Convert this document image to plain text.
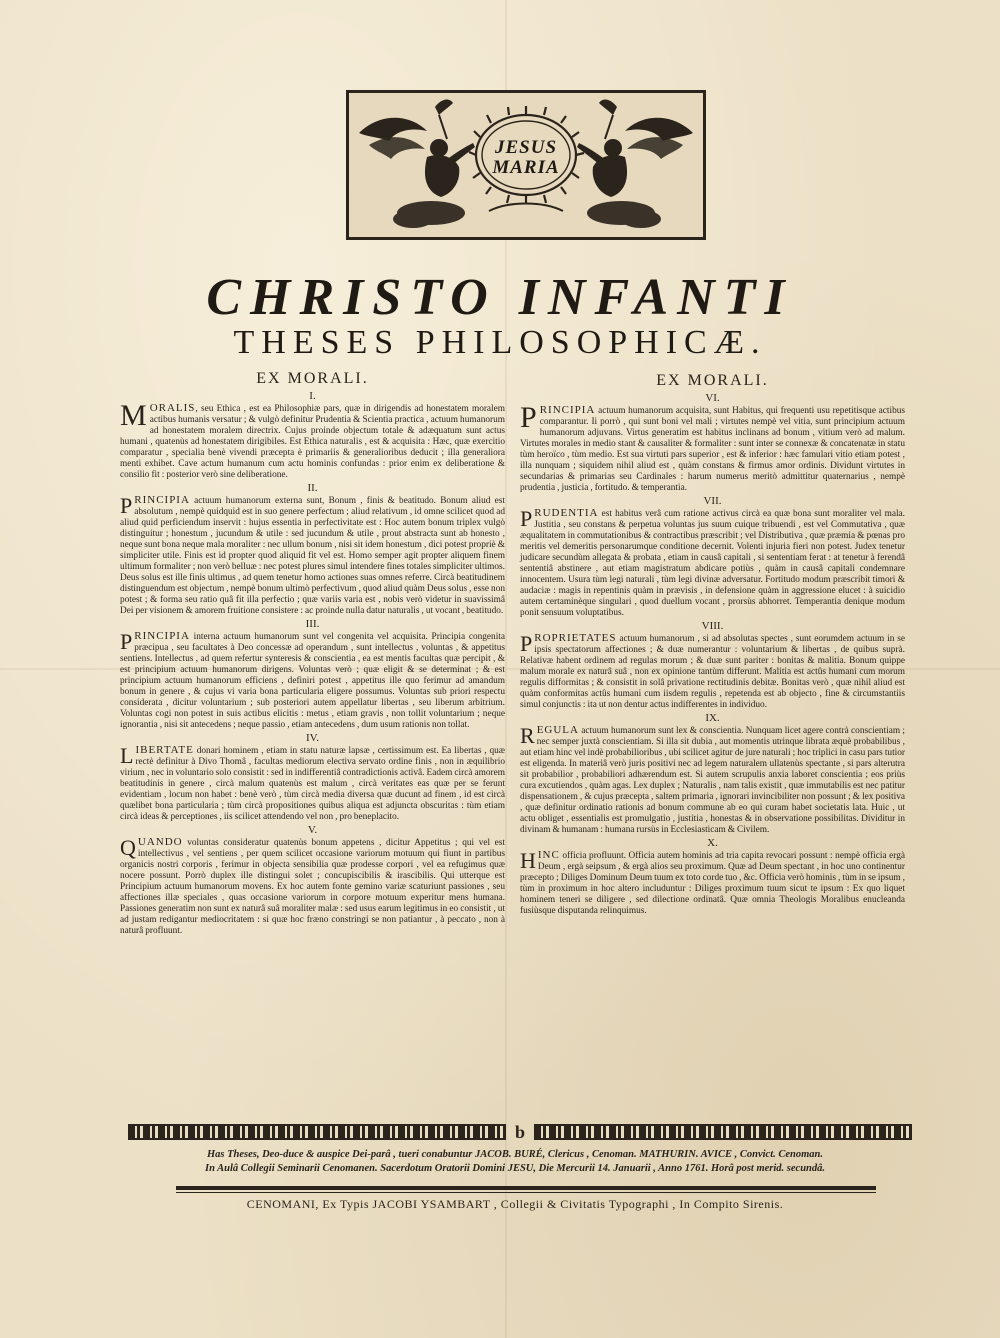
JESUS
MARIA
CHRISTO INFANTI
THESES PHILOSOPHICÆ.
EX MORALI.
I.

MORALIS, seu Ethica , est ea Philosophiæ pars, quæ in dirigendis ad honestatem moralem actibus humanis versatur ; & vulgò definitur Prudentia & Scientia practica , actuum humanorum ad honestatem moralem directrix. Cujus proinde objectum totale & adæquatum sunt actus humani , quatenùs ad honestatem dirigibiles. Est Ethica naturalis , est & acquisita : Hæc, quæ exercitio comparatur , specialia benè vivendi præcepta è primariis & generalioribus deducit ; illa generaliora menti exhibet. Cave actum humanum cum actu hominis confundas : prior enim ex deliberatione & consilio fit : posterior verò sine deliberatione.

II.

PRINCIPIA actuum humanorum externa sunt, Bonum , finis & beatitudo. Bonum aliud est absolutum , nempè quidquid est in suo genere perfectum ; aliud relativum , id omne scilicet quod ad aliud quid perficiendum inservit : hujus essentia in perfectivitate est : Hoc autem bonum triplex vulgò distinguitur ; honestum , jucundum & utile : sed jucundum & utile , prout abstracta sunt ab honesto , neque sunt bona neque mala moraliter : nec ullum bonum , nisi sit idem honestum , dici potest propriè & simpliciter utile. Finis est id propter quod aliquid fit vel est. Homo semper agit propter aliquem finem ultimum formaliter ; non verò belluæ : nec potest plures simul intendere fines totales simpliciter ultimos. Deus solus est ille finis ultimus , ad quem tenetur homo actiones suas omnes referre. Circà beatitudinem distinguendum est objectum , nempè bonum ultimò perfectivum , quod aliud quàm Deus solus , esse non potest ; & forma seu ratio quâ fit illa perfectio ; quæ variis varia est , nobis verò videtur in suavissimâ Dei per visionem & amorem fruitione consistere : ac proinde nulla datur naturalis , ut vocant , beatitudo.

III.

PRINCIPIA interna actuum humanorum sunt vel congenita vel acquisita. Principia congenita præcipua , seu facultates à Deo concessæ ad operandum , sunt intellectus , voluntas , & appetitus sentiens. Intellectus , ad quem refertur synteresis & conscientia , ea est mentis facultas quæ percipit , & est principium actuum humanorum dirigens. Voluntas verò ; quæ eligit & se determinat ; & est principium actuum humanorum efficiens , definiri potest , appetitus ille quo ferimur ad amandum bonum in genere , & cujus vi varia bona particularia eligere possumus. Voluntas sub priori respectu considerata , dicitur voluntarium ; sub posteriori autem appellatur libertas , seu liberum arbitrium. Voluntas cogi non potest in suis actibus elicitis : metus , etiam gravis , non tollit voluntarium ; neque ignorantia , nisi sit antecedens ; neque passio , etiam antecedens , dum usum rationis non tollat.

IV.

LIBERTATE donari hominem , etiam in statu naturæ lapsæ , certissimum est. Ea libertas , quæ rectè definitur à Divo Thomâ , facultas mediorum electiva servato ordine finis , non in æquilibrio virium , nec in voluntario solo consistit : sed in indifferentiâ contradictionis activâ. Eadem circà amorem beatitudinis in genere , circà malum quatenùs est malum , circà veritates eas quæ per se ferunt evidentiam , locum non habet : benè verò , tùm circà media diversa quæ ducunt ad finem , id est circà quælibet bona particularia ; tùm circà propositiones quibus aliqua est adjuncta obscuritas : tùm etiam circà ideas & perceptiones , iis scilicet attendendo vel non , pro beneplacito.

V.

QUANDO voluntas consideratur quatenùs bonum appetens , dicitur Appetitus ; qui vel est intellectivus , vel sentiens , per quem scilicet occasione variorum motuum qui fiunt in partibus organicis nostri corporis , ferimur in objecta sensibilia quæ prodesse corpori , vel ea refugimus quæ nocere possunt. Porrò duplex ille distingui solet ; concupiscibilis & irascibilis. Qui utterque est Principium actuum humanorum movens. Ex hoc autem fonte gemino variæ scaturiunt passiones , seu affectiones illæ speciales , quas occasione variorum in corpore motuum experitur mens humana. Passiones generatim non sunt ex naturâ suâ moraliter malæ : sed usus earum legitimus in eo consistit , ut ad justam redigantur mediocritatem : si quæ hoc fræno constringi se non patiantur , à peccato , non à naturâ profluunt.

EX MORALI.
VI.

PRINCIPIA actuum humanorum acquisita, sunt Habitus, qui frequenti usu repetitisque actibus comparantur. Ii porrò , qui sunt boni vel mali ; virtutes nempè vel vitia, sunt principium actuum humanorum adjuvans. Virtus generatim est habitus inclinans ad bonum , vitium verò ad malum. Virtutes morales in medio stant & causaliter & formaliter : sunt inter se connexæ & concatenatæ in statu tùm heroïco , tùm medio. Est sua virtuti pars superior , est & inferior : hæc famulari vitio etiam potest , illa nunquam ; siquidem nihil aliud est , quàm constans & firmus amor ordinis. Dividunt virtutes in secundarias & primarias seu Cardinales : harum numerus meritò admittitur quaternarius , nempè prudentia , justicia , fortitudo. & temperantia.

VII.

PRUDENTIA est habitus verâ cum ratione activus circà ea quæ bona sunt moraliter vel mala. Justitia , seu constans & perpetua voluntas jus suum cuique tribuendi , est vel Commutativa , quæ æqualitatem in commutationibus & contractibus præscribit ; vel Distributiva , quæ præmia & pœnas pro meritis vel demeritis personarumque conditione decernit. Volenti injuria fieri non potest. Judex tenetur judicare secundùm allegata & probata , etiam in causâ capitali , si sententiam ferat : at tenetur à ferendâ sententiâ abstinere , aut etiam magistratum abdicare potiùs , quàm in causâ capitali condemnare innocentem. Usura tùm legi naturali , tùm legi divinæ adversatur. Fortitudo modum præscribit timori & audaciæ : magis in repentinis quàm in prævisis , in defensione quàm in aggressione elucet : à suicidio autem certaminèque singulari , quod duellum vocant , prorsùs abhorret. Temperantia denique modum ponit sensuum voluptatibus.

VIII.

PROPRIETATES actuum humanorum , si ad absolutas spectes , sunt eorumdem actuum in se ipsis spectatorum affectiones ; & duæ numerantur : voluntarium & libertas , de quibus suprà. Relativæ habent ordinem ad regulas morum ; & duæ sunt pariter : bonitas & malitia. Bonum quippe malum morale ex naturâ suâ , non ex opinione tantùm differunt. Malitia est actûs humani cum morum regulis difformitas ; & consistit in solâ privatione rectitudinis debitæ. Bonitas verò , quæ nihil aliud est quàm conformitas actûs humani cum iisdem regulis , repetenda est ab objecto , fine & circumstantiis simul conjunctis : ita ut non dentur actus indifferentes in individuo.

IX.

REGULA actuum humanorum sunt lex & conscientia. Nunquam licet agere contrà conscientiam ; nec semper juxtà conscientiam. Si illa sit dubia , aut momentis utrinque librata æquè probabilibus , aut etiam hinc vel indè probabilioribus , ubi scilicet agitur de jure naturali ; hoc triplici in casu pars tutior est eligenda. In materiâ verò juris positivi nec ad legem naturalem ullatenùs spectante , si pars alterutra sit probabilior , probabiliori adhærendum est. Si autem scrupulis anxia laboret conscientia ; eos priùs cura excutiendos , quàm agas. Lex duplex ; Naturalis , nam talis existit , quæ immutabilis est nec patitur dispensationem , & cujus præcepta , saltem primaria , ignorari invincibiliter non possunt ; & lex positiva , quæ definitur ordinatio rationis ad bonum commune ab eo qui curam habet societatis lata. Huic , ut actu obliget , essentialis est promulgatio , justitia , honestas & in observatione possibilitas. Dividitur in divinam & humanam : humana rursùs in Ecclesiasticam & Civilem.

X.

HINC officia profluunt. Officia autem hominis ad tria capita revocari possunt : nempè officia ergà Deum , ergà seipsum , & ergà alios seu proximum. Quæ ad Deum spectant , in hoc uno continentur præcepto ; Diliges Dominum Deum tuum ex toto corde tuo , &c. Officia verò hominis , tùm in se ipsum , tùm in proximum in hoc altero includuntur : Diliges proximum tuum sicut te ipsum : Ex quo liquet hominem teneri se diligere , sed dilectione ordinatâ. Quæ omnia Theologis Moralibus enucleanda fusiùsque disputanda relinquimus.

b
Has Theses, Deo-duce & auspice Dei-parâ , tueri conabuntur JACOB. BURÉ, Clericus , Cenoman. MATHURIN. AVICE , Convict. Cenoman.
In Aulâ Collegii Seminarii Cenomanen. Sacerdotum Oratorii Domini JESU, Die Mercurii 14. Januarii , Anno 1761. Horâ post merid. secundâ.
CENOMANI, Ex Typis JACOBI YSAMBART , Collegii & Civitatis Typographi , In Compito Sirenis.
